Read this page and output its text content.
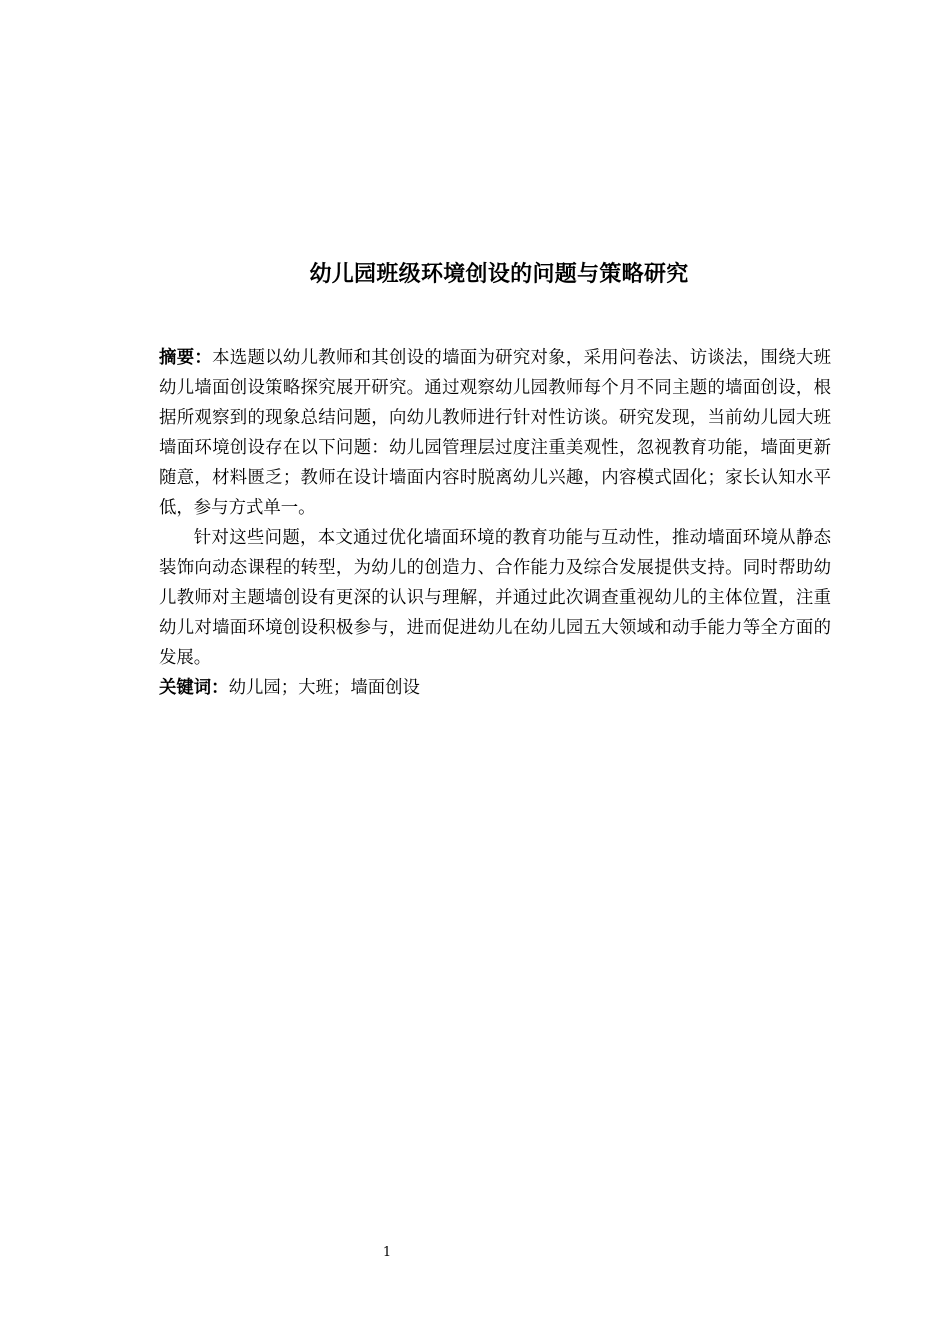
幼儿园班级环境创设的问题与策略研究

摘要：本选题以幼儿教师和其创设的墙面为研究对象，采用问卷法、访谈法，围绕大班幼儿墙面创设策略探究展开研究。通过观察幼儿园教师每个月不同主题的墙面创设，根据所观察到的现象总结问题，向幼儿教师进行针对性访谈。研究发现，当前幼儿园大班墙面环境创设存在以下问题：幼儿园管理层过度注重美观性，忽视教育功能，墙面更新随意，材料匮乏；教师在设计墙面内容时脱离幼儿兴趣，内容模式固化；家长认知水平低，参与方式单一。

针对这些问题，本文通过优化墙面环境的教育功能与互动性，推动墙面环境从静态装饰向动态课程的转型，为幼儿的创造力、合作能力及综合发展提供支持。同时帮助幼儿教师对主题墙创设有更深的认识与理解，并通过此次调查重视幼儿的主体位置，注重幼儿对墙面环境创设积极参与，进而促进幼儿在幼儿园五大领域和动手能力等全方面的发展。

关键词：幼儿园；大班；墙面创设

1
